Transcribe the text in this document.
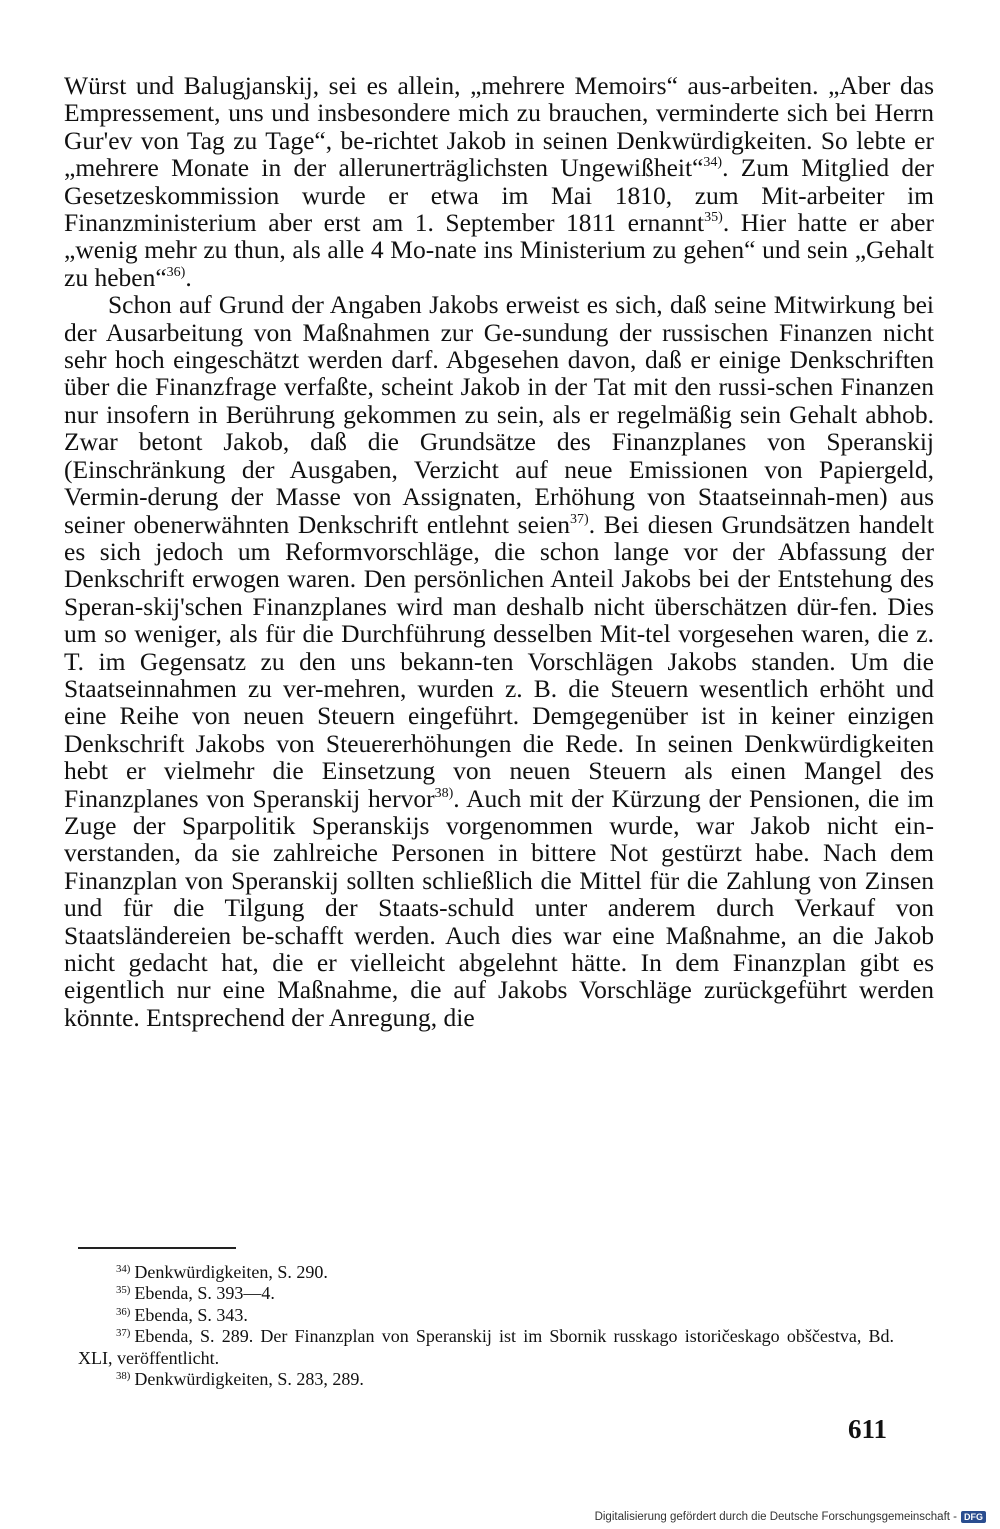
Würst und Balugjanskij, sei es allein, „mehrere Memoirs“ aus-arbeiten. „Aber das Empressement, uns und insbesondere mich zu brauchen, verminderte sich bei Herrn Gur'ev von Tag zu Tage“, be-richtet Jakob in seinen Denkwürdigkeiten. So lebte er „mehrere Monate in der allerunerträglichsten Ungewißheit“$^{34)}$. Zum Mitglied der Gesetzeskommission wurde er etwa im Mai 1810, zum Mit-arbeiter im Finanzministerium aber erst am 1. September 1811 ernannt$^{35)}$. Hier hatte er aber „wenig mehr zu thun, als alle 4 Mo-nate ins Ministerium zu gehen“ und sein „Gehalt zu heben“$^{36)}$.

Schon auf Grund der Angaben Jakobs erweist es sich, daß seine Mitwirkung bei der Ausarbeitung von Maßnahmen zur Ge-sundung der russischen Finanzen nicht sehr hoch eingeschätzt werden darf. Abgesehen davon, daß er einige Denkschriften über die Finanzfrage verfaßte, scheint Jakob in der Tat mit den russi-schen Finanzen nur insofern in Berührung gekommen zu sein, als er regelmäßig sein Gehalt abhob. Zwar betont Jakob, daß die Grundsätze des Finanzplanes von Speranskij (Einschränkung der Ausgaben, Verzicht auf neue Emissionen von Papiergeld, Vermin-derung der Masse von Assignaten, Erhöhung von Staatseinnah-men) aus seiner obenerwähnten Denkschrift entlehnt seien$^{37)}$. Bei diesen Grundsätzen handelt es sich jedoch um Reformvorschläge, die schon lange vor der Abfassung der Denkschrift erwogen waren. Den persönlichen Anteil Jakobs bei der Entstehung des Speran-skij'schen Finanzplanes wird man deshalb nicht überschätzen dür-fen. Dies um so weniger, als für die Durchführung desselben Mit-tel vorgesehen waren, die z. T. im Gegensatz zu den uns bekann-ten Vorschlägen Jakobs standen. Um die Staatseinnahmen zu ver-mehren, wurden z. B. die Steuern wesentlich erhöht und eine Reihe von neuen Steuern eingeführt. Demgegenüber ist in keiner einzigen Denkschrift Jakobs von Steuererhöhungen die Rede. In seinen Denkwürdigkeiten hebt er vielmehr die Einsetzung von neuen Steuern als einen Mangel des Finanzplanes von Speranskij hervor$^{38)}$. Auch mit der Kürzung der Pensionen, die im Zuge der Sparpolitik Speranskijs vorgenommen wurde, war Jakob nicht ein-verstanden, da sie zahlreiche Personen in bittere Not gestürzt habe. Nach dem Finanzplan von Speranskij sollten schließlich die Mittel für die Zahlung von Zinsen und für die Tilgung der Staats-schuld unter anderem durch Verkauf von Staatsländereien be-schafft werden. Auch dies war eine Maßnahme, an die Jakob nicht gedacht hat, die er vielleicht abgelehnt hätte. In dem Finanzplan gibt es eigentlich nur eine Maßnahme, die auf Jakobs Vorschläge zurückgeführt werden könnte. Entsprechend der Anregung, die

$^{34)}$ Denkwürdigkeiten, S. 290.

$^{35)}$ Ebenda, S. 393—4.

$^{36)}$ Ebenda, S. 343.

$^{37)}$ Ebenda, S. 289. Der Finanzplan von Speranskij ist im Sbornik russkago istoričeskago obščestva, Bd. XLI, veröffentlicht.

$^{38)}$ Denkwürdigkeiten, S. 283, 289.

611
Digitalisierung gefördert durch die Deutsche Forschungsgemeinschaft - DFG
